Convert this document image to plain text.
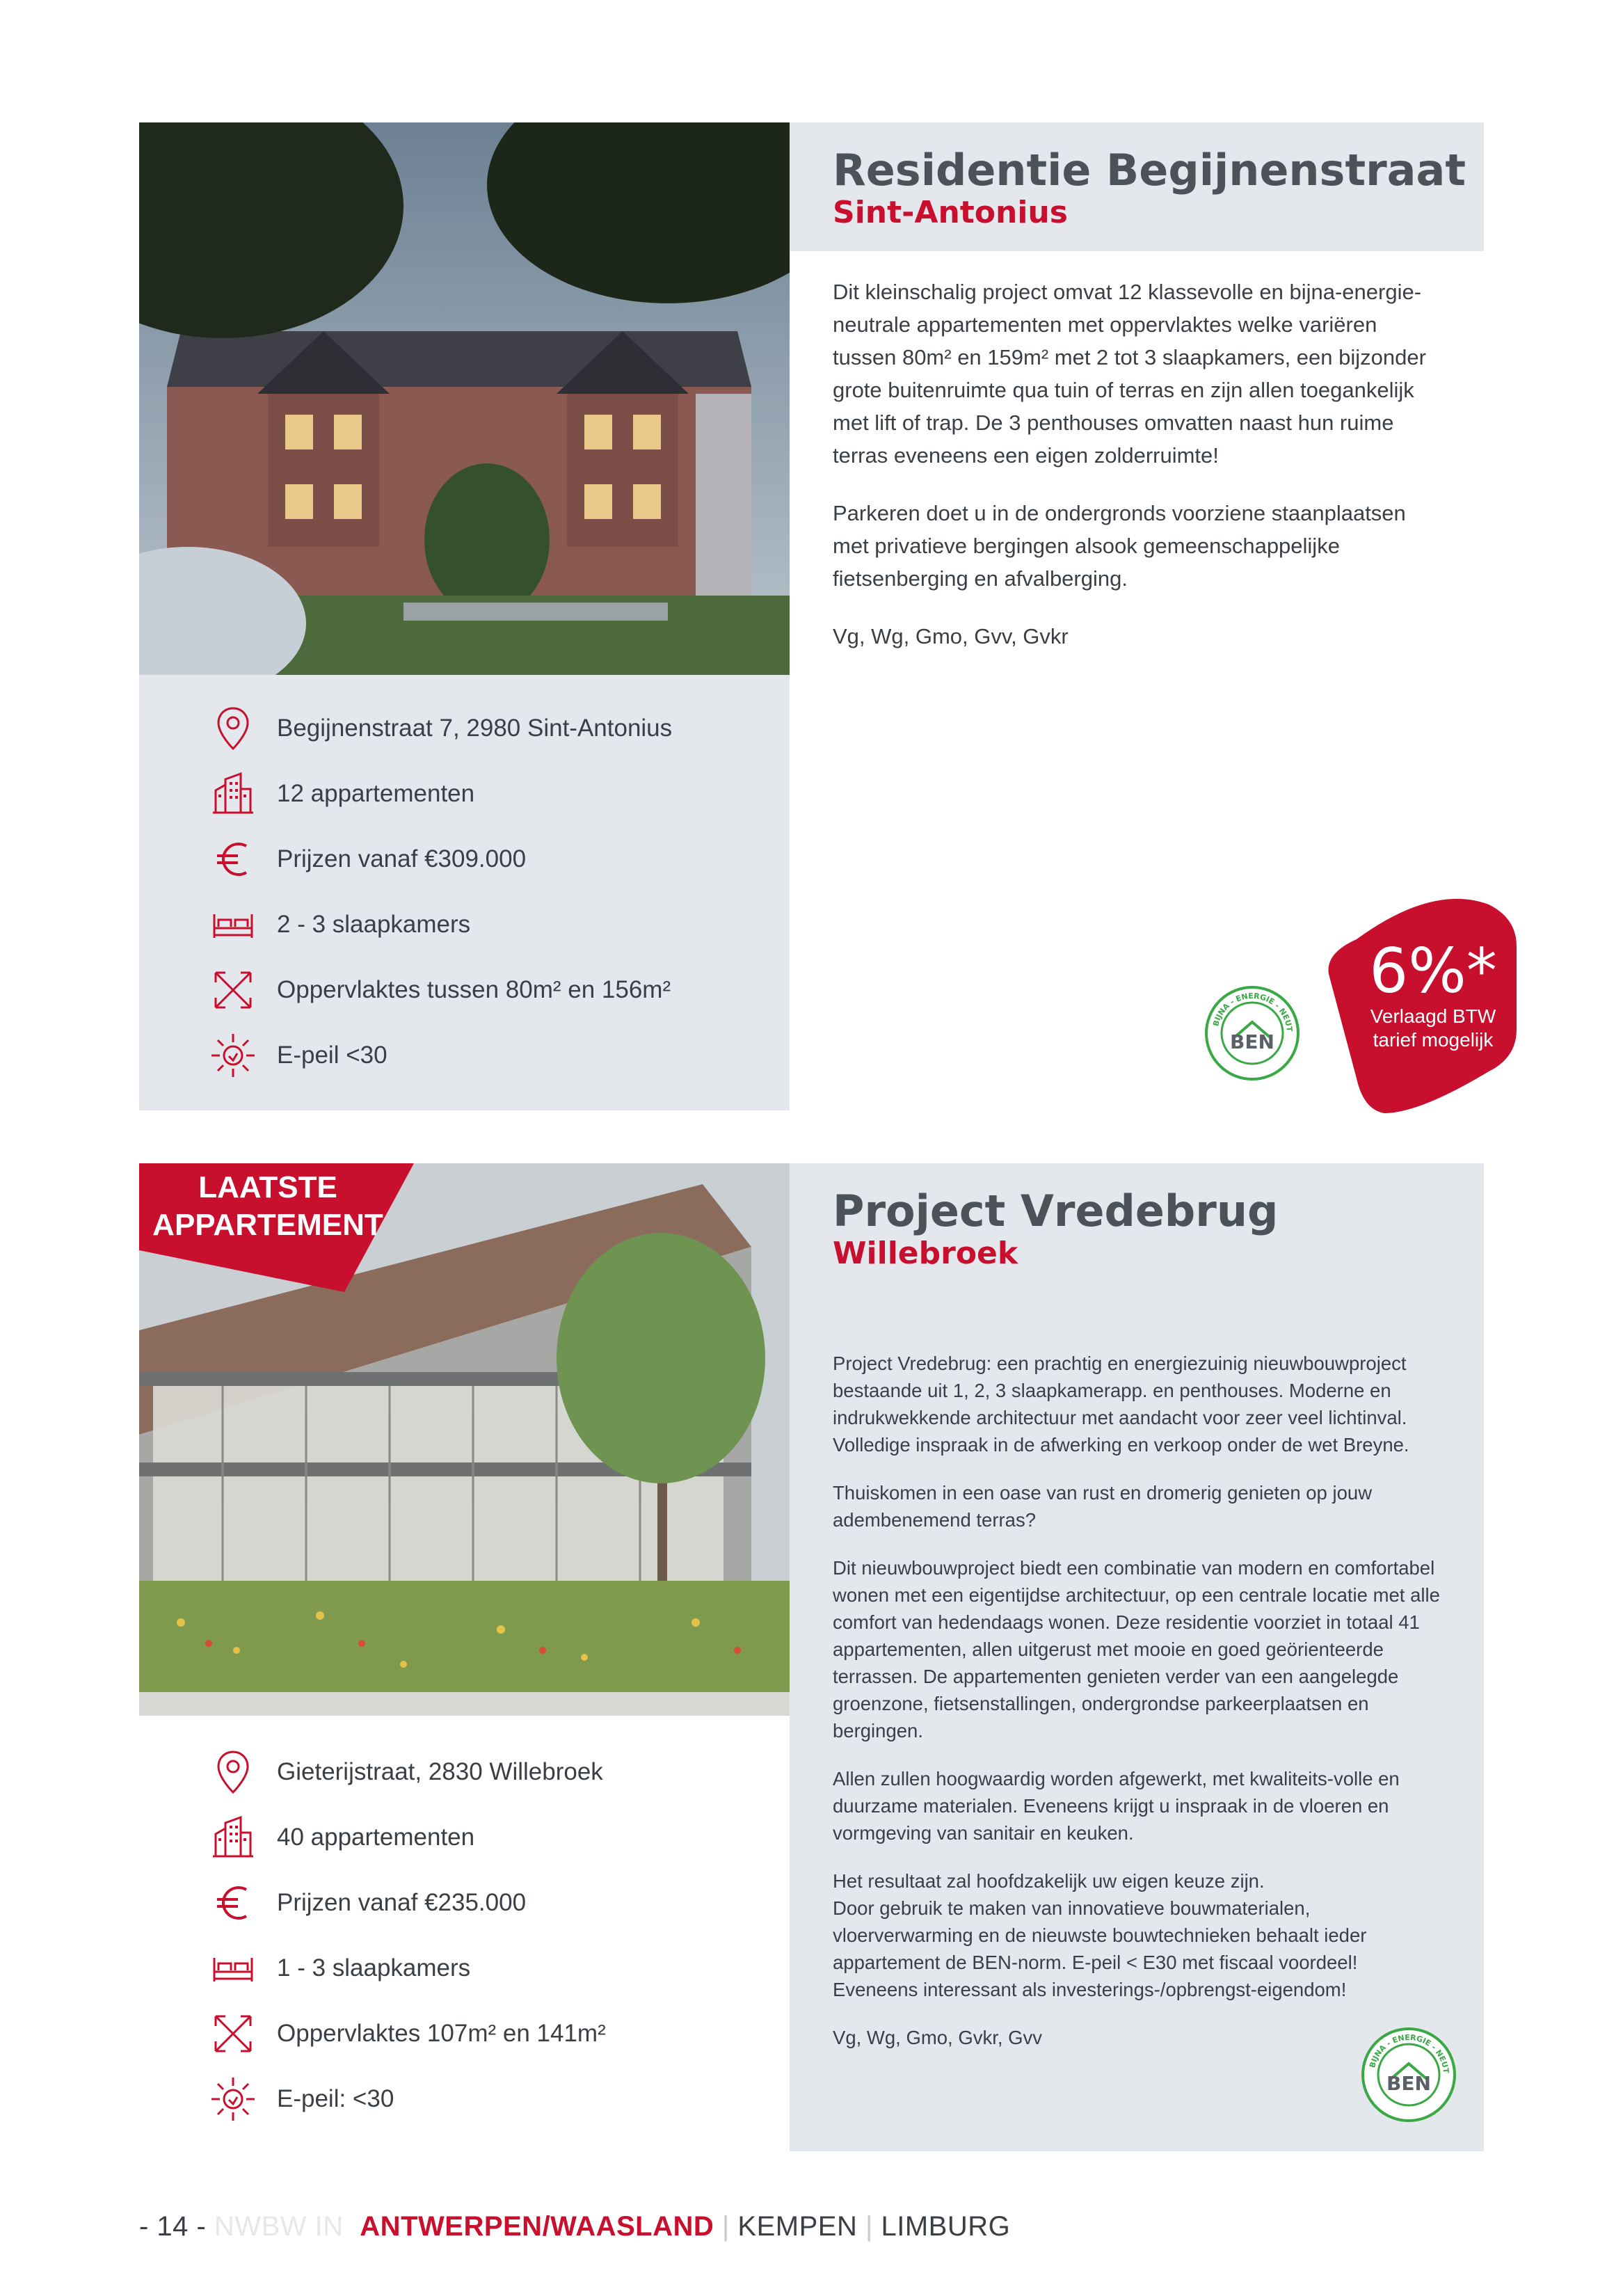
Residentie Begijnenstraat
Sint-Antonius

Dit kleinschalig project omvat 12 klassevolle en bijna-energie-neutrale appartementen met oppervlaktes welke variëren tussen 80m² en 159m² met 2 tot 3 slaapkamers, een bijzonder grote buitenruimte qua tuin of terras en zijn allen toegankelijk met lift of trap. De 3 penthouses omvatten naast hun ruime terras eveneens een eigen zolderruimte!

Parkeren doet u in de ondergronds voorziene staanplaatsen met privatieve bergingen alsook gemeenschappelijke fietsenberging en afvalberging.

Vg, Wg, Gmo, Gvv, Gvkr

Begijnenstraat 7, 2980 Sint-Antonius
12 appartementen
Prijzen vanaf €309.000
2 - 3 slaapkamers
Oppervlaktes tussen 80m² en 156m²
E-peil <30
BIJNA - ENERGIE - NEUT
BEN
6%*
Verlaagd BTW
tarief mogelijk
LAATSTE
APPARTEMENT	Project Vredebrug
Willebroek

Project Vredebrug: een prachtig en energiezuinig nieuwbouwproject bestaande uit 1, 2, 3 slaapkamerapp. en penthouses. Moderne en indrukwekkende architectuur met aandacht voor zeer veel lichtinval. Volledige inspraak in de afwerking en verkoop onder de wet Breyne.

Thuiskomen in een oase van rust en dromerig genieten op jouw adembenemend terras?

Dit nieuwbouwproject biedt een combinatie van modern en comfortabel wonen met een eigentijdse architectuur, op een centrale locatie met alle comfort van hedendaags wonen. Deze residentie voorziet in totaal 41 appartementen, allen uitgerust met mooie en goed geörienteerde terrassen. De appartementen genieten verder van een aangelegde groenzone, fietsenstallingen, ondergrondse parkeerplaatsen en bergingen.

Allen zullen hoogwaardig worden afgewerkt, met kwaliteits-volle en duurzame materialen. Eveneens krijgt u inspraak in de vloeren en vormgeving van sanitair en keuken.

Het resultaat zal hoofdzakelijk uw eigen keuze zijn.
Door gebruik te maken van innovatieve bouwmaterialen, vloerverwarming en de nieuwste bouwtechnieken behaalt ieder appartement de BEN-norm. E-peil < E30 met fiscaal voordeel!
Eveneens interessant als investerings-/opbrengst-eigendom!

Vg, Wg, Gmo, Gvkr, Gvv

BIJNA - ENERGIE - NEUT
BEN
Gieterijstraat, 2830 Willebroek
40 appartementen
Prijzen vanaf €235.000
1 - 3 slaapkamers
Oppervlaktes 107m² en 141m²
E-peil: <30
- 14 - NWBW IN ANTWERPEN/WAASLAND | KEMPEN | LIMBURG
